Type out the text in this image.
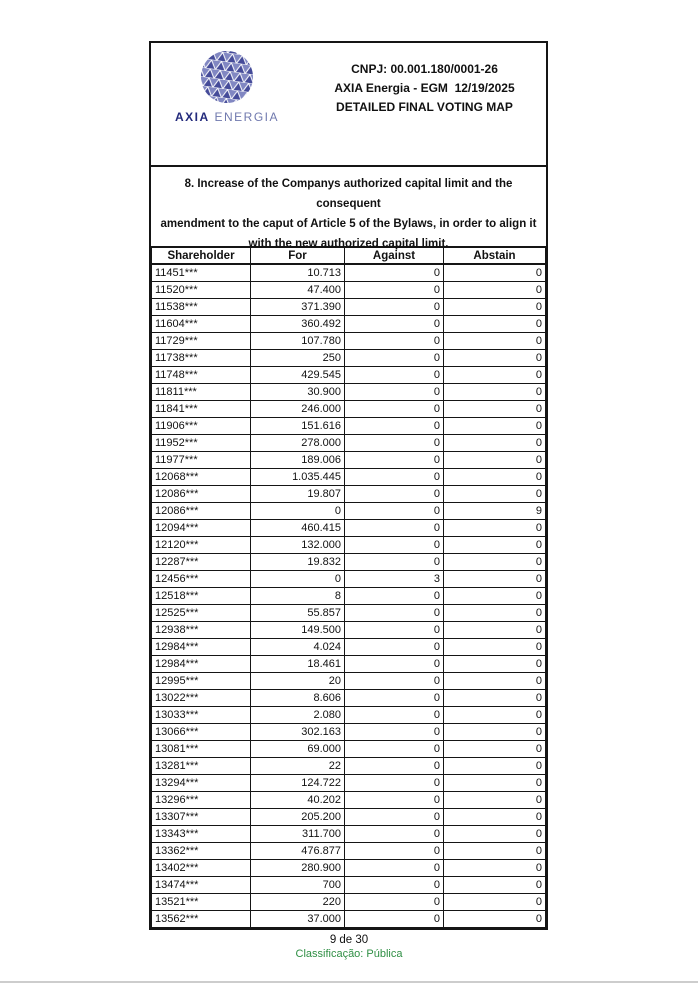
AXIA ENERGIA
CNPJ: 00.001.180/0001-26
AXIA Energia - EGM  12/19/2025
DETAILED FINAL VOTING MAP
8. Increase of the Companys authorized capital limit and the consequent
amendment to the caput of Article 5 of the Bylaws, in order to align it
with the new authorized capital limit.
Shareholder	For	Against	Abstain
11451***	10.713	0	0
11520***	47.400	0	0
11538***	371.390	0	0
11604***	360.492	0	0
11729***	107.780	0	0
11738***	250	0	0
11748***	429.545	0	0
11811***	30.900	0	0
11841***	246.000	0	0
11906***	151.616	0	0
11952***	278.000	0	0
11977***	189.006	0	0
12068***	1.035.445	0	0
12086***	19.807	0	0
12086***	0	0	9
12094***	460.415	0	0
12120***	132.000	0	0
12287***	19.832	0	0
12456***	0	3	0
12518***	8	0	0
12525***	55.857	0	0
12938***	149.500	0	0
12984***	4.024	0	0
12984***	18.461	0	0
12995***	20	0	0
13022***	8.606	0	0
13033***	2.080	0	0
13066***	302.163	0	0
13081***	69.000	0	0
13281***	22	0	0
13294***	124.722	0	0
13296***	40.202	0	0
13307***	205.200	0	0
13343***	311.700	0	0
13362***	476.877	0	0
13402***	280.900	0	0
13474***	700	0	0
13521***	220	0	0
13562***	37.000	0	0
9 de 30
Classificação: Pública
